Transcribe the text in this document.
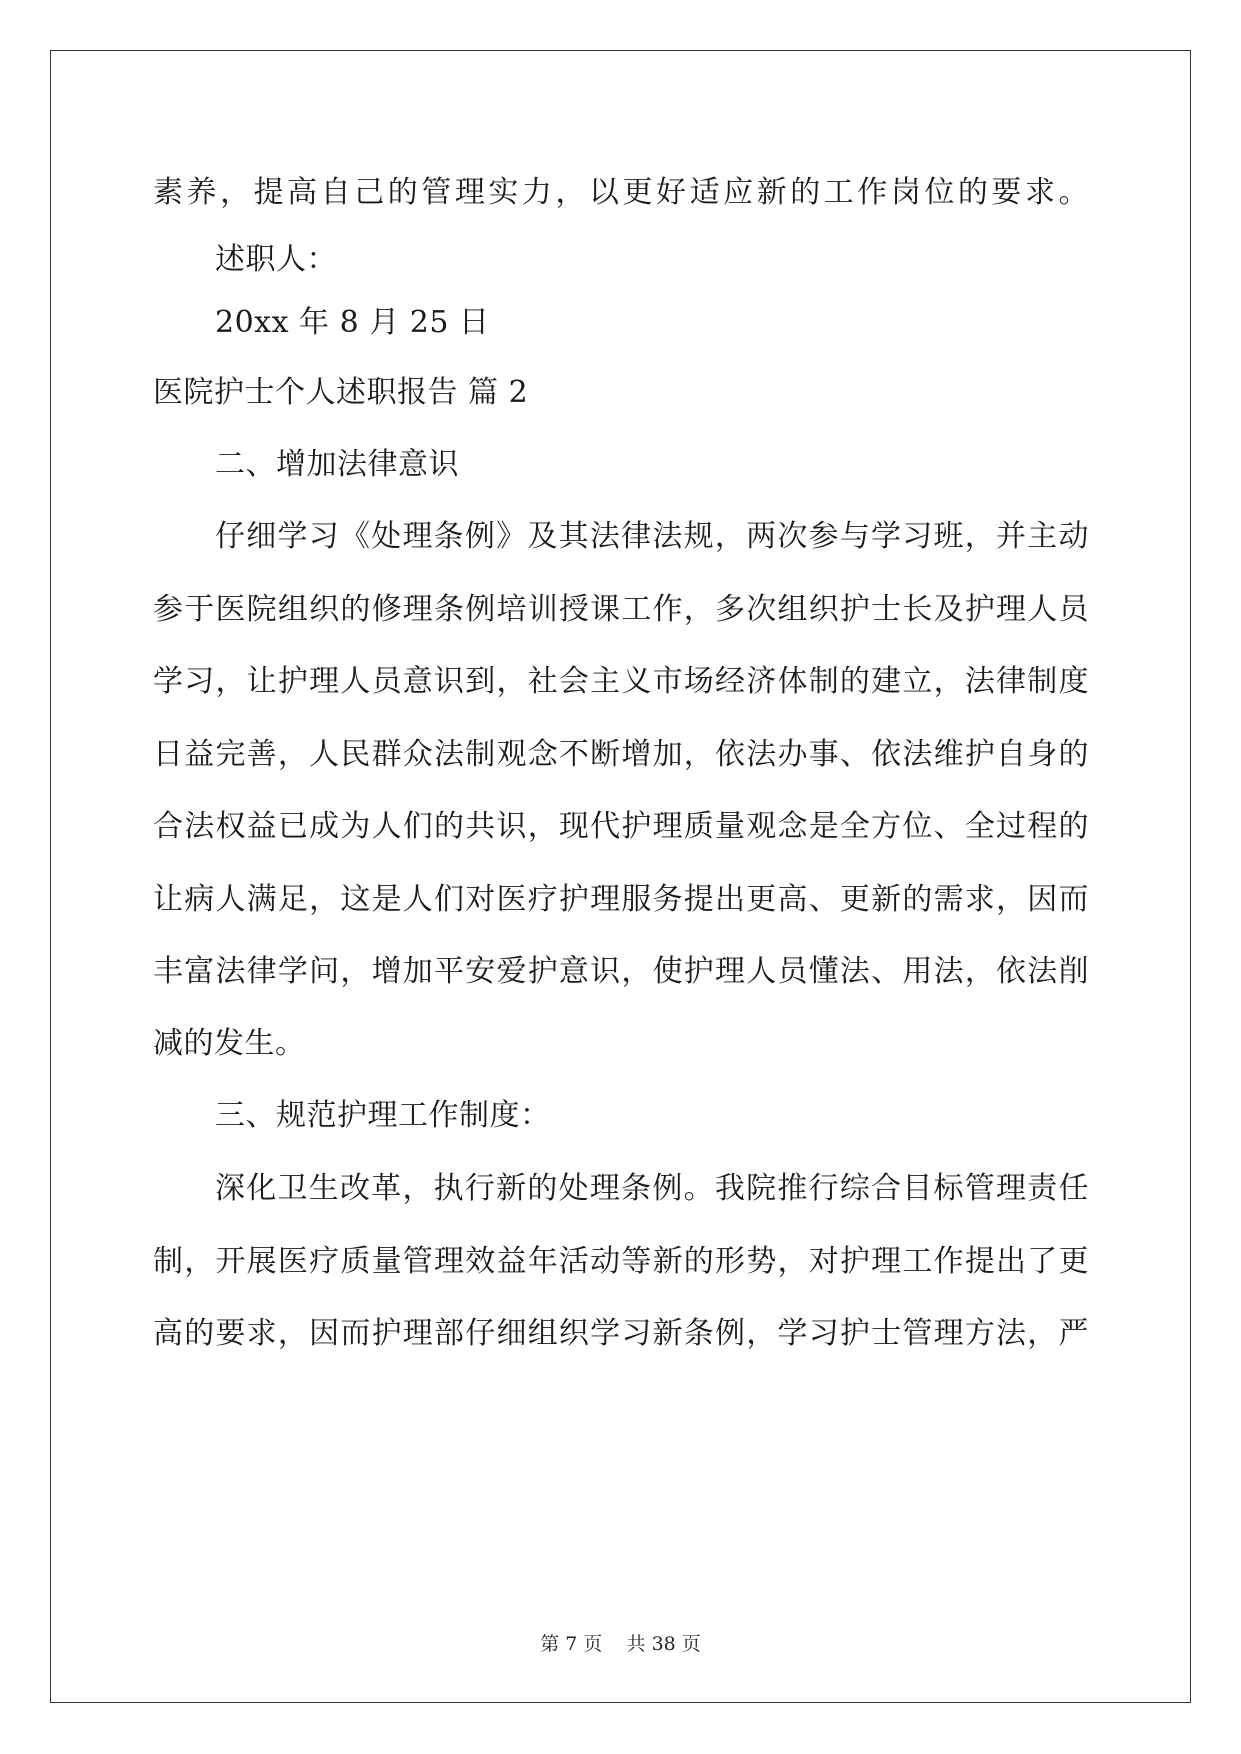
素养，提高自己的管理实力，以更好适应新的工作岗位的要求。
述职人：
20xx 年 8 月 25 日
医院护士个人述职报告 篇 2
二、增加法律意识
仔细学习《处理条例》及其法律法规，两次参与学习班，并主动
参于医院组织的修理条例培训授课工作，多次组织护士长及护理人员
学习，让护理人员意识到，社会主义市场经济体制的建立，法律制度
日益完善，人民群众法制观念不断增加，依法办事、依法维护自身的
合法权益已成为人们的共识，现代护理质量观念是全方位、全过程的
让病人满足，这是人们对医疗护理服务提出更高、更新的需求，因而
丰富法律学问，增加平安爱护意识，使护理人员懂法、用法，依法削
减的发生。
三、规范护理工作制度：
深化卫生改革，执行新的处理条例。我院推行综合目标管理责任
制，开展医疗质量管理效益年活动等新的形势，对护理工作提出了更
高的要求，因而护理部仔细组织学习新条例，学习护士管理方法，严
第 7 页    共 38 页
